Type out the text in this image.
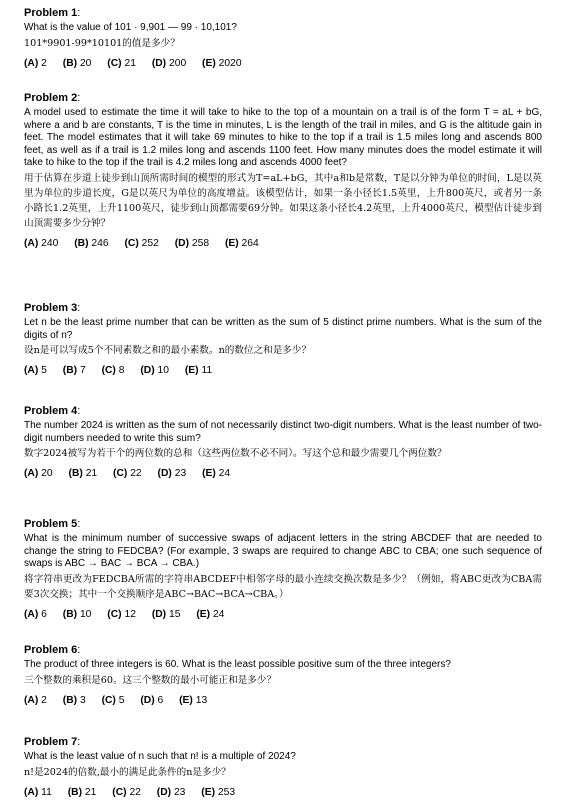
Problem 1:
What is the value of 101 · 9,901 — 99 · 10,101?
101*9901-99*10101的值是多少？
(A) 2 (B) 20 (C) 21 (D) 200 (E) 2020
Problem 2:
A model used to estimate the time it will take to hike to the top of a mountain on a trail is of the form T = aL + bG, where a and b are constants, T is the time in minutes, L is the length of the trail in miles, and G is the altitude gain in feet. The model estimates that it will take 69 minutes to hike to the top if a trail is 1.5 miles long and ascends 800 feet, as well as if a trail is 1.2 miles long and ascends 1100 feet. How many minutes does the model estimate it will take to hike to the top if the trail is 4.2 miles long and ascends 4000 feet?
用于估算在步道上徒步到山顶所需时间的模型的形式为T=aL+bG，其中a和b是常数，T是以分钟为单位的时间，L是以英里为单位的步道长度，G是以英尺为单位的高度增益。该模型估计，如果一条小径长1.5英里，上升800英尺，或者另一条小路长1.2英里，上升1100英尺，徒步到山顶都需要69分钟。如果这条小径长4.2英里，上升4000英尺，模型估计徒步到山顶需要多少分钟？
(A) 240 (B) 246 (C) 252 (D) 258 (E) 264
Problem 3:
Let n be the least prime number that can be written as the sum of 5 distinct prime numbers. What is the sum of the digits of n?
设n是可以写成5个不同素数之和的最小素数。n的数位之和是多少？
(A) 5 (B) 7 (C) 8 (D) 10 (E) 11
Problem 4:
The number 2024 is written as the sum of not necessarily distinct two-digit numbers. What is the least number of two-digit numbers needed to write this sum?
数字2024被写为若干个的两位数的总和（这些两位数不必不同）。写这个总和最少需要几个两位数？
(A) 20 (B) 21 (C) 22 (D) 23 (E) 24
Problem 5:
What is the minimum number of successive swaps of adjacent letters in the string ABCDEF that are needed to change the string to FEDCBA? (For example, 3 swaps are required to change ABC to CBA; one such sequence of swaps is ABC → BAC → BCA → CBA.)
将字符串更改为FEDCBA所需的字符串ABCDEF中相邻字母的最小连续交换次数是多少？（例如，将ABC更改为CBA需要3次交换；其中一个交换顺序是ABC→BAC→BCA→CBA。）
(A) 6 (B) 10 (C) 12 (D) 15 (E) 24
Problem 6:
The product of three integers is 60. What is the least possible positive sum of the three integers?
三个整数的乘积是60。这三个整数的最小可能正和是多少？
(A) 2 (B) 3 (C) 5 (D) 6 (E) 13
Problem 7:
What is the least value of n such that n! is a multiple of 2024?
n!是2024的倍数,最小的满足此条件的n是多少？
(A) 11 (B) 21 (C) 22 (D) 23 (E) 253
